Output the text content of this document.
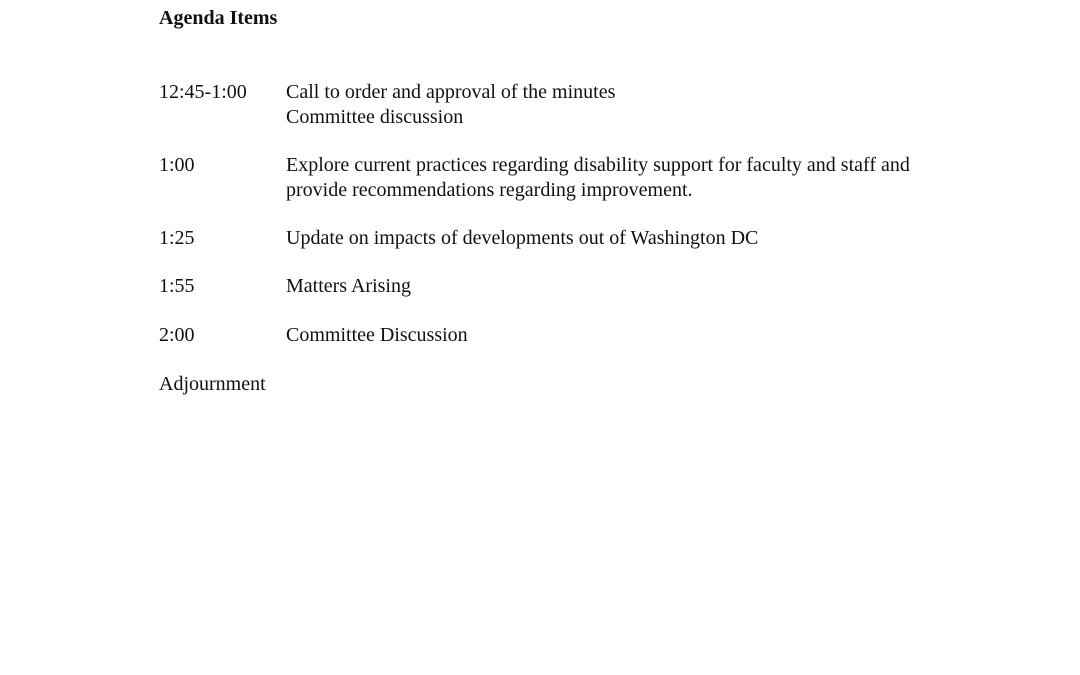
Agenda Items
12:45-1:00	Call to order and approval of the minutes
Committee discussion
1:00	Explore current practices regarding disability support for faculty and staff and
provide recommendations regarding improvement.
1:25	Update on impacts of developments out of Washington DC
1:55	Matters Arising
2:00	Committee Discussion
Adjournment
